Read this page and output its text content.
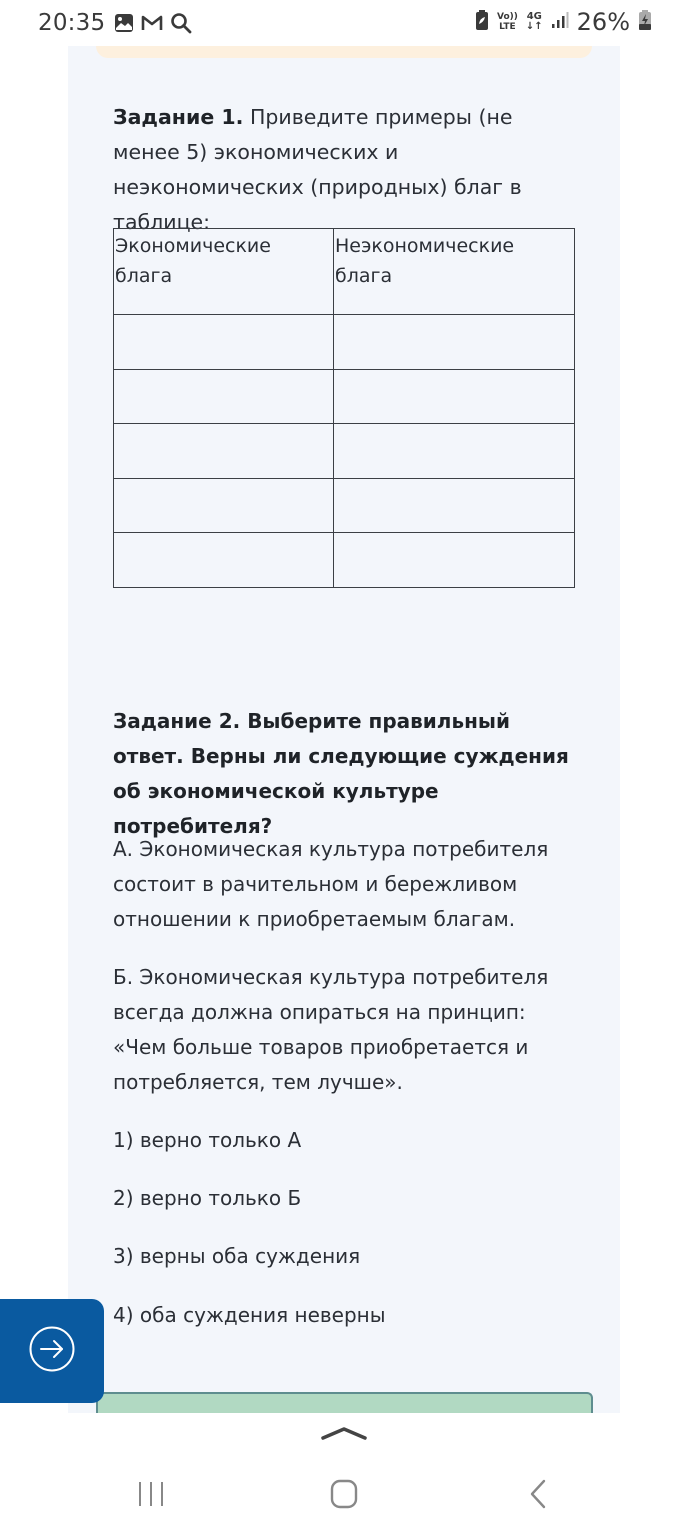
20:35	Vo))
LTE
4G
↓↑ 26%

Задание 1. Приведите примеры (не менее 5) экономических и неэкономических (природных) благ в таблице:

Экономические блага	Неэкономические блага

Задание 2. Выберите правильный ответ. Верны ли следующие суждения об экономической культуре потребителя?

А. Экономическая культура потребителя состоит в рачительном и бережливом отношении к приобретаемым благам.

Б. Экономическая культура потребителя всегда должна опираться на принцип: «Чем больше товаров приобретается и потребляется, тем лучше».

1) верно только А

2) верно только Б

3) верны оба суждения

4) оба суждения неверны
